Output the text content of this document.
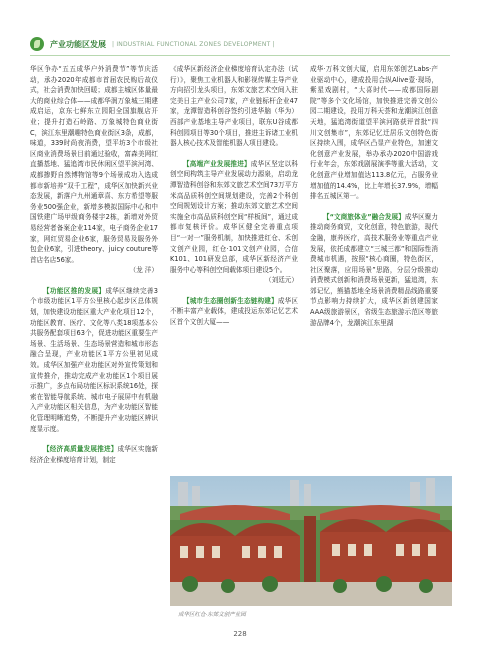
产业功能区发展 | INDUSTRIAL FUNCTIONAL ZONES DEVELOPMENT |

华区争办“五五成华户外消费节”等节庆活动，承办2020年成都市首届农民购后故仪式，社会消费加快回暖；成都主城区体量最大的商业综合体——成都华润万象城三期建成启运，京东七鲜东立园阳全国旗舰店开业；提升打造石岭路、万象城特色商业街C，滨江东里潮趣特色商业街区3条，成都，味道，339时尚夜消费，望平坊3个市级社区商业消费场景目前通过验收，富森美网红直播基地、猛追湾市民休闲区望平滨河湾、成都掺野自然博物馆等9个场景成功入选成都市新培养“双千工程”，成华区加快新兴业态发展，新落户九州通章喜、东方希望等服务业500强企业，新增多模拟国际中心和中国铁建广场甲级商务楼宇2栋，新增对外贸易经营者备案企业114家，电子商务企业17家，网红贸易企业6家，服务贸易及服务外包企业6家，引进theory、juicy couture等首店名店56家。

（龙 洋）

【功能区推的发展】成华区继续完善3个市级功能区1平方公里核心起步区总体规划，加快建设功能区重大产业化项目12个，功能区教育、医疗、文化等八类18项基本公共服务配套项目63个，促进功能区重要生产场景、生活场景、生态场景营造和城市形态融合呈现，产业功能区1平方公里初见成效。成华区加强产业功能区对外宣传策划和宣传推介，推动完成产业功能区1个项目展示推广，多点布局功能区标识系统16处，探索在智能导航系统、城市电子展屏中有机融入产业功能区相关信息，为产业功能区智能化管理明晰追势，不断提升产业功能区辨识度显示度。

【经济高质量发展推进】成华区实施新经济企业梯度培育计划，制定

《成华区新经济企业梯度培育认定办法（试行）》，聚焦工业机器人和影视传媒主导产业方向招引龙头项目，东郊文旅艺术空间入驻完美日主产业公司7家，产业链标杆企业47家，龙潭智造科创谷签约引进华脑（华为）西部产业基地主导产业项目，联东U谷成都科创园项目等30个项目，推进主诉诸工业机器人核心技术及智能机器人项目建设。

【高端产业发展推进】成华区坚定以科创空间构筑主导产业发展动力源泉，启动龙潭智造科创谷和东郊文旅艺术空间73万平方米高品质科创空间规划建设，完善2个科创空间规划设计方案；推动东郊文旅艺术空间实施全市高品质科创空间“样板间”，通过成都市复核评价。成华区健全完善重点项目“一对一”服务机制，加快推进红仓、禾创文创产业园，红仓·101文创产业园，合信K101、101研发总部，成华区新经济产业服务中心等科创空间载体项目建设5个。

（刘廷元）

【城市生态圈创新生态链构建】成华区不断丰富产业载体，建成投运东郊记忆艺术区首个文创大厦——

成华·万科文创大厦，启用东郊创艺Labs·产业驱动中心，建成投用合纵Alive壹·现场，紫星戏剧村，“大喜时代——成都国际剧院”等多个文化场馆，加快推进完善文创公园二期建设，投用万科天荟和龙潮滨江创意天地，猛追湾街道望平滨河路获评首批“四川文创集市”，东郊记忆迁居乐文创特色街区持续入围，成华区凸显产业特色，加速文化创意产业发展，举办承办2020中国游戏行业年会，东郊戏剧展演季等重大活动，文化创意产业增加值达113.8亿元，占服务业增加值的14.4%，比上年增长37.9%，增幅排名五城区第一。

【“文商旅体业”融合发展】成华区聚力推动商务商贸，文化创意，特色旅游，现代金融，康养医疗，高技术服务业等重点产业发展，依托成都建立“三城三都”和国际性消费城市机遇，按照“核心商圈，特色街区，社区聚落，应用场景”思路，分层分级推动消费模式创新和消费场景更新，猛追湾，东郊记忆，熊猫基地全场景消费精品线路重要节点影响力持续扩大，成华区新创建国家AAA级旅游景区，省级生态旅游示范区等旅游品牌4个，龙潮滨江东里湖

成华区红仓·东郊文创产业园
228
